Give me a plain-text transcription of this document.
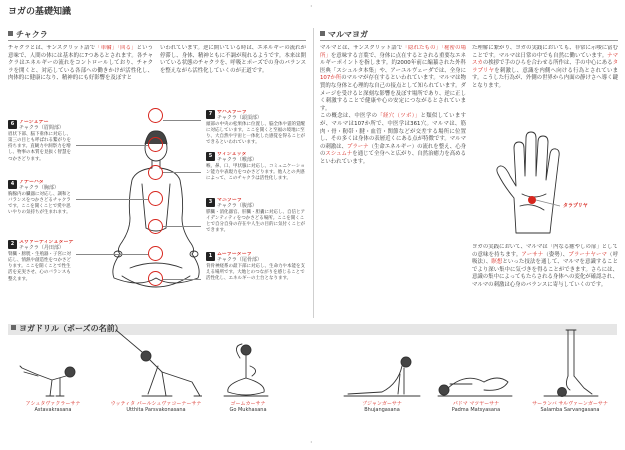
ヨガの基礎知識
·
チャクラ
チャクラとは、サンスクリット語で「車輪」「回る」という意味で、人間の体には基本的に7つあるとされます。各チャクラはエネルギーの流れをコントロールしており、チャクラを開くと、対応している各部への働きかけが活性化し、肉体的に健康になり、精神的にも好影響を及ぼすと
いわれています。逆に開いている時は、エネルギーの流れが停滞し、身体、精神ともに不調が現れるようです。本来は開いている状態のチャクラを、呼吸とポーズでの身のバランスを整えながら活性化していくのが正道です。
7 サハスラーラ
チャクラ（頭頂部）
頭部の中央の松果体に位置し、脳全体や霊的覚醒に対応しています。ここを開くと至福の境地に至り、大自然や宇宙と一体化した感覚を得ることができるといわれています。
6 アージュナー
チャクラ（眉間部）
眉状下部、脳下垂体に対応し、第三の目とも呼ばれる繋がりを持ちます。直観力や洞察力を増し、物事の本質を見抜く智慧をつかさどります。
5 ヴィシュッダ
チャクラ（喉部）
喉、鼻、口、甲状腺に対応し、コミュニケーション能力や表現力をつかさどります。他人との共感によって、このチャクラは活性化します。
4 アナーハタ
チャクラ（胸部）
胸腺内の臓器に対応し、調和とバランスをつかさどるチャクラです。ここを開くことで愛や思いやりの気持ちが生まれます。
3 マニプーラ
チャクラ（腹部）
膵臓・消化器官、肝臓・胆嚢に対応し、自信とアイデンティティをつかさどる場所。ここを開くことで自分自身の存在や人生の目的に気付くことができます。
2 スヴァーディシュターナ
チャクラ（丹田部）
腎臓・膀胱・生殖器・子宮に対応し、情熱や創造性をつかさどります。ここを開くことで性生活を充実させ、心のバランスも整えます。
1 ムーラーダーラ
チャクラ（尾骨部）
背骨神経系の最下部に対応し、生命力や本能を支える場所です。大地とのつながりを感じることで活性化し、エネルギーの土台となります。
マルマヨガ
マルマとは、サンスクリット語で「隠れたもの」「秘密の場所」を意味する言葉で、身体に点在するとされる重要なエネルギーポイントを指します。約2000年前に編纂された外科医典「スシュルタ本集」や、アーユルヴェーダでは、全身に107か所のマルマが存在するといわれています。マルマは物質的な身体と心理的な自己の接点として知られています。ダメージを受けると深刻な影響を及ぼす場所であり、逆に正しく刺激することで健康や心の安定につながるとされています。
この概念は、中医学の「経穴（ツボ）」と類似していますが、マルマは107か所で、中医学は361穴。マルマは、筋肉・骨・靭帯・腱・血管・関節などが交差する場所に位置し、その多くは身体の表層近くにある点が特徴です。マルマの刺激は、プラーナ（生命エネルギー）の流れを整え、心身のスシュムナを通じて全身へと広がり、自然治癒力を高めるといわれています。
た理解に繋がり、ヨガの実践においても、非常に示唆に富むことです。マルマは日常の中でも自然に働いています。ナマスカの挨拶で手のひらを合わせる所作は、手の中心にあるタラプリヤを刺激し、意識を内側へ向ける行為とされています。こうした行為が、外側の世界から内面の静けさへ導く鍵となります。
タラプリヤ
ヨガの実践において、マルマは「内なる癒やしの扉」としての意味を持ちます。アーサナ（姿勢）、プラーナヤーマ（呼吸法）、瞑想といった技法を通して、マルマを意識することでより深い集中に気づきを得ることができます。さらには、意識の集中によってもたらされる身体への変化が確認され、マルマの刺激は心身のバランスに寄与していくのです。
ヨガドリル（ポーズの名前）
アシュタヴァクラーサナ
Astavakrasana
ウッティタ パールシュヴァコーナーサナ
Utthita Parsvakonasana
ゴームカーサナ
Go Mukhasana
ブジャンガーサナ
Bhujangasana
パドマ マツヤーサナ
Padma Matsyasana
サーランバ サルヴァーンガーサナ
Salamba Sarvangasana
·
